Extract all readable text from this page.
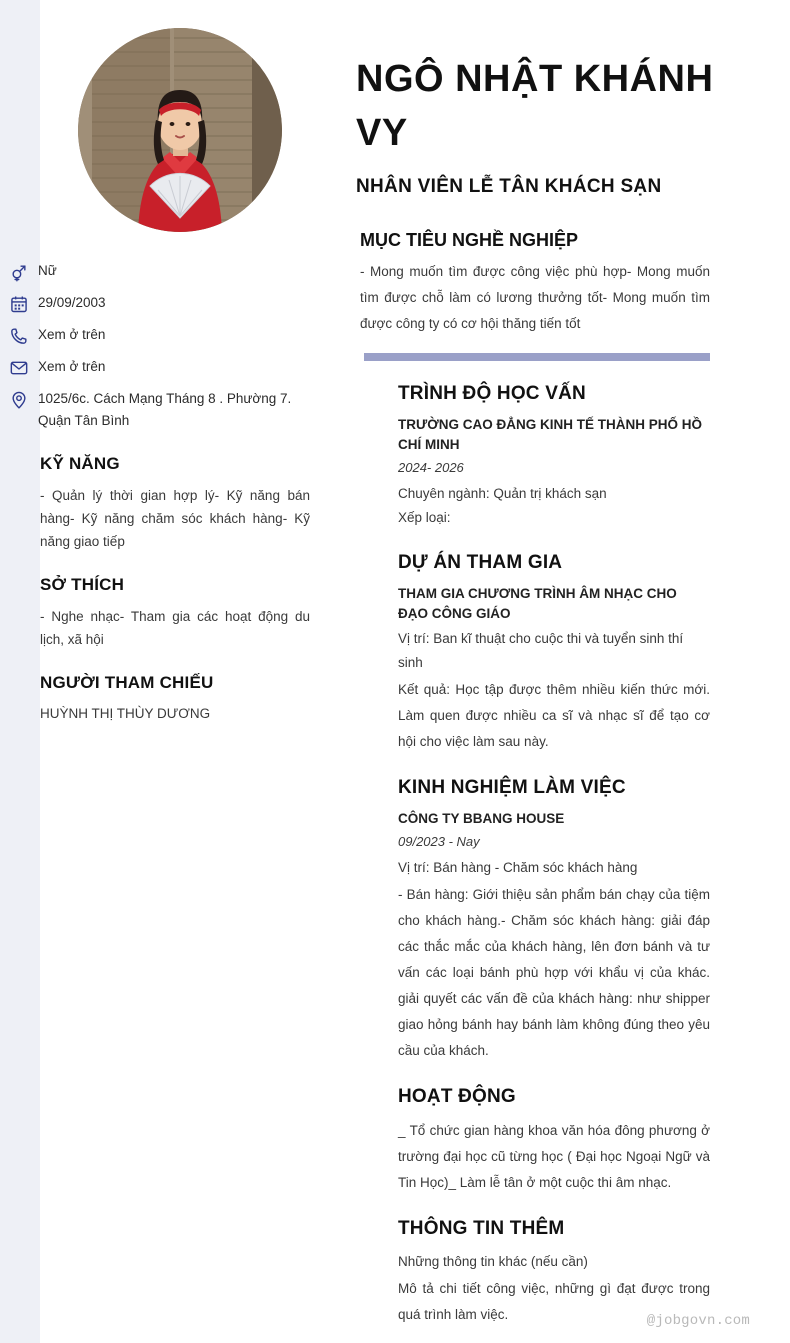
Nữ
29/09/2003
Xem ở trên
Xem ở trên
1025/6c. Cách Mạng Tháng 8 . Phường 7. Quận Tân Bình
KỸ NĂNG
- Quản lý thời gian hợp lý- Kỹ năng bán hàng- Kỹ năng chăm sóc khách hàng- Kỹ năng giao tiếp
SỞ THÍCH
- Nghe nhạc- Tham gia các hoạt động du lịch, xã hội
NGƯỜI THAM CHIẾU
HUỲNH THỊ THÙY DƯƠNG
NGÔ NHẬT KHÁNH VY
NHÂN VIÊN LỄ TÂN KHÁCH SẠN
MỤC TIÊU NGHỀ NGHIỆP
- Mong muốn tìm được công việc phù hợp- Mong muốn tìm được chỗ làm có lương thưởng tốt- Mong muốn tìm được công ty có cơ hội thăng tiến tốt
TRÌNH ĐỘ HỌC VẤN
TRƯỜNG CAO ĐẲNG KINH TẾ THÀNH PHỐ HỒ CHÍ MINH
2024- 2026
Chuyên ngành: Quản trị khách sạn
Xếp loại:
DỰ ÁN THAM GIA
THAM GIA CHƯƠNG TRÌNH ÂM NHẠC CHO ĐẠO CÔNG GIÁO
Vị trí: Ban kĩ thuật cho cuộc thi và tuyển sinh thí sinh
Kết quả: Học tập được thêm nhiều kiến thức mới. Làm quen được nhiều ca sĩ và nhạc sĩ để tạo cơ hội cho việc làm sau này.
KINH NGHIỆM LÀM VIỆC
CÔNG TY BBANG HOUSE
09/2023 - Nay
Vị trí: Bán hàng - Chăm sóc khách hàng
- Bán hàng: Giới thiệu sản phẩm bán chạy của tiệm cho khách hàng.- Chăm sóc khách hàng: giải đáp các thắc mắc của khách hàng, lên đơn bánh và tư vấn các loại bánh phù hợp với khẩu vị của khác. giải quyết các vấn đề của khách hàng: như shipper giao hỏng bánh hay bánh làm không đúng theo yêu cầu của khách.
HOẠT ĐỘNG
_ Tổ chức gian hàng khoa văn hóa đông phương ở trường đại học cũ từng học ( Đại học Ngoại Ngữ và Tin Học)_ Làm lễ tân ở một cuộc thi âm nhạc.
THÔNG TIN THÊM
Những thông tin khác (nếu cần)
Mô tả chi tiết công việc, những gì đạt được trong quá trình làm việc.	@jobgovn.com
